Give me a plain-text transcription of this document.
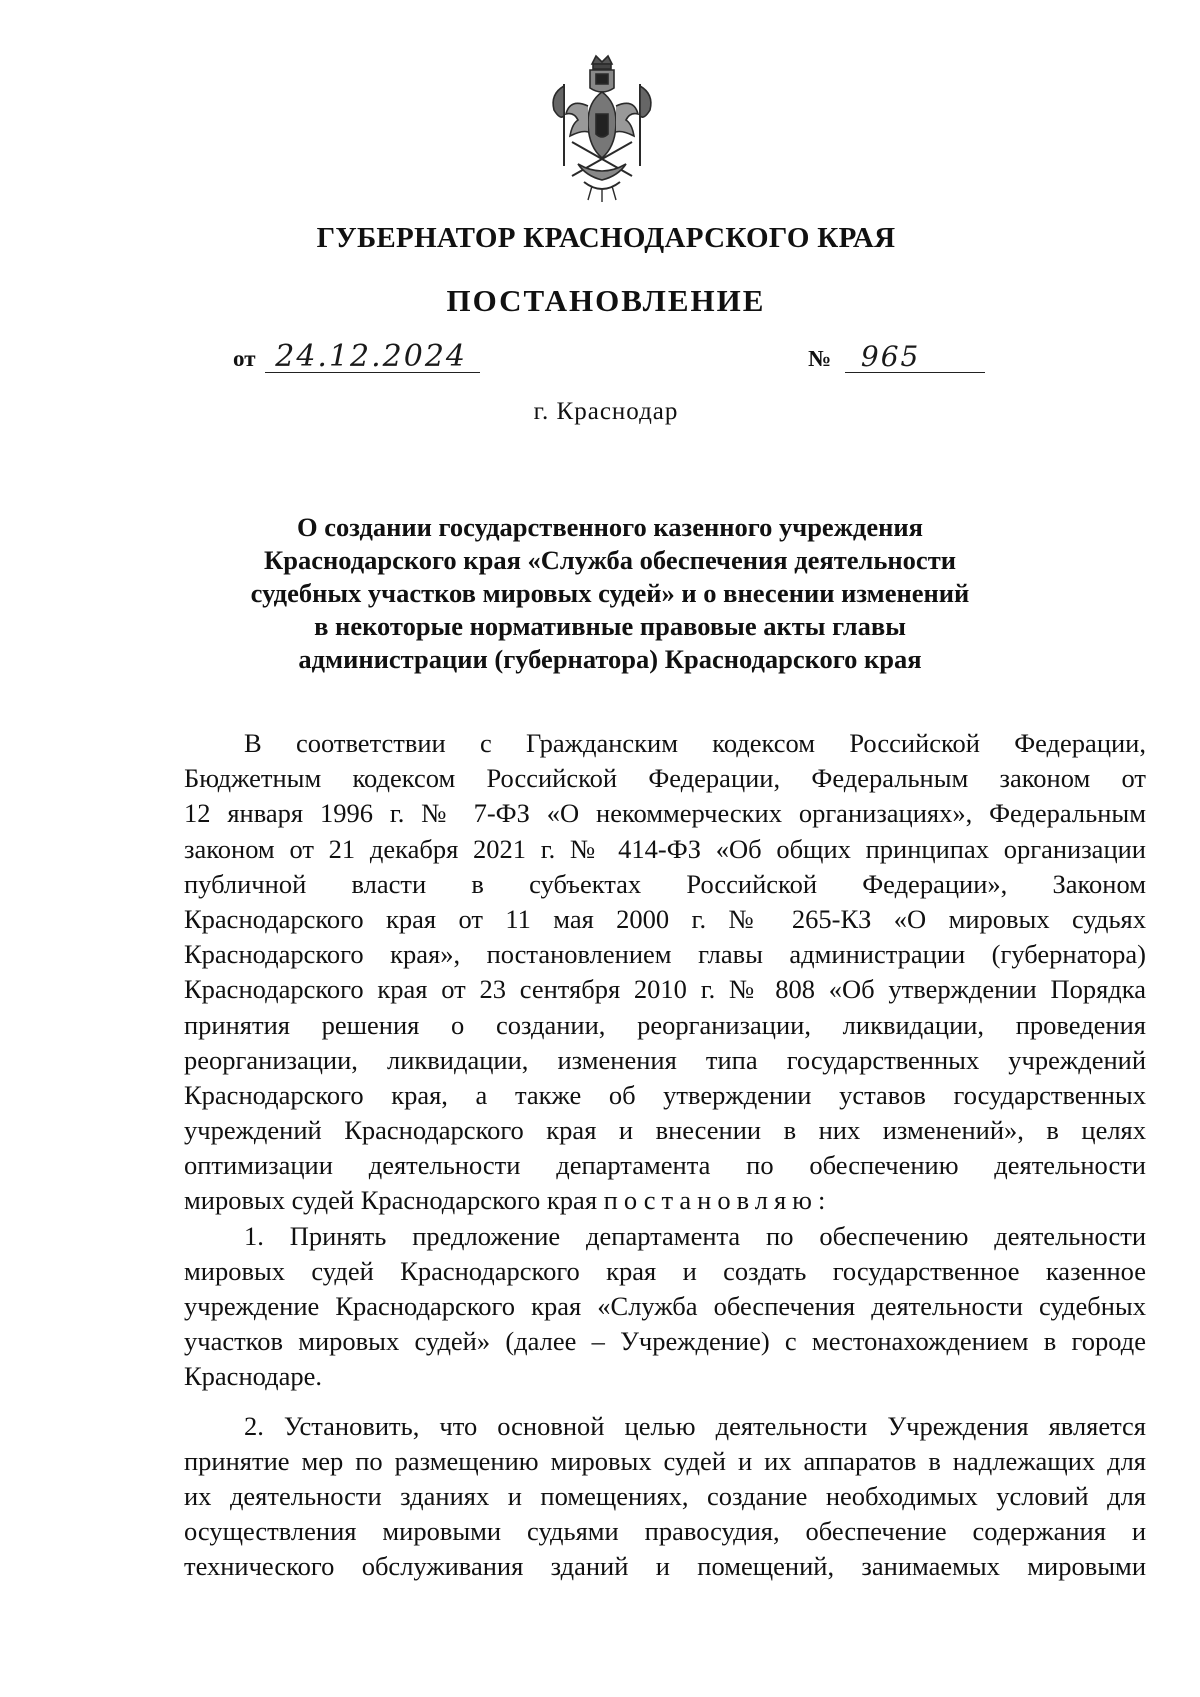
ГУБЕРНАТОР КРАСНОДАРСКОГО КРАЯ
ПОСТАНОВЛЕНИЕ
от 24.12.2024	№ 965
г. Краснодар
О создании государственного казенного учреждения
Краснодарского края «Служба обеспечения деятельности
судебных участков мировых судей» и о внесении изменений
в некоторые нормативные правовые акты главы
администрации (губернатора) Краснодарского края
В соответствии с Гражданским кодексом Российской Федерации,
Бюджетным кодексом Российской Федерации, Федеральным законом от
12 января 1996 г. № 7-ФЗ «О некоммерческих организациях», Федеральным
законом от 21 декабря 2021 г. № 414-ФЗ «Об общих принципах организации
публичной власти в субъектах Российской Федерации», Законом
Краснодарского края от 11 мая 2000 г. № 265-КЗ «О мировых судьях
Краснодарского края», постановлением главы администрации (губернатора)
Краснодарского края от 23 сентября 2010 г. № 808 «Об утверждении Порядка
принятия решения о создании, реорганизации, ликвидации, проведения
реорганизации, ликвидации, изменения типа государственных учреждений
Краснодарского края, а также об утверждении уставов государственных
учреждений Краснодарского края и внесении в них изменений», в целях
оптимизации деятельности департамента по обеспечению деятельности
мировых судей Краснодарского края постановляю:
1. Принять предложение департамента по обеспечению деятельности
мировых судей Краснодарского края и создать государственное казенное
учреждение Краснодарского края «Служба обеспечения деятельности судебных
участков мировых судей» (далее – Учреждение) с местонахождением в городе
Краснодаре.
2. Установить, что основной целью деятельности Учреждения является
принятие мер по размещению мировых судей и их аппаратов в надлежащих для
их деятельности зданиях и помещениях, создание необходимых условий для
осуществления мировыми судьями правосудия, обеспечение содержания и
технического обслуживания зданий и помещений, занимаемых мировыми
